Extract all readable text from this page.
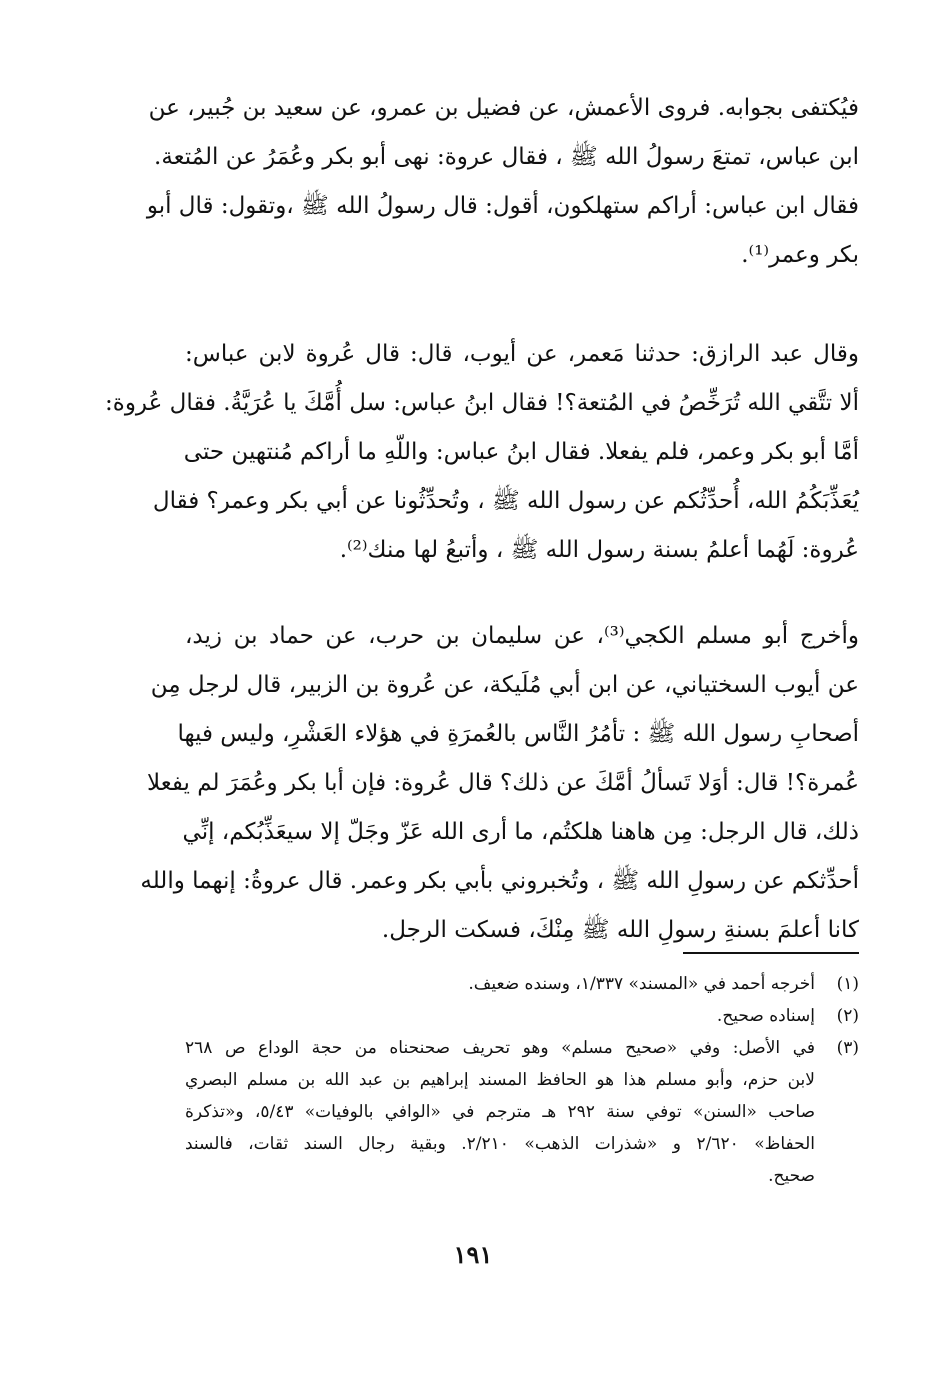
فيُكتفى بجوابه. فروى الأعمش، عن فضيل بن عمرو، عن سعيد بن جُبير، عن
ابن عباس، تمتعَ رسولُ الله ﷺ ، فقال عروة: نهى أبو بكر وعُمَرُ عن المُتعة.
فقال ابن عباس: أراكم ستهلكون، أقول: قال رسولُ الله ﷺ ،وتقول: قال أبو
بكر وعمر⁽¹⁾.
وقال عبد الرازق: حدثنا مَعمر، عن أيوب، قال: قال عُروة لابن عباس:
ألا تتَّقي الله تُرَخِّصُ في المُتعة؟! فقال ابنُ عباس: سل أُمَّكَ يا عُرَيَّةُ. فقال عُروة:
أمَّا أبو بكر وعمر، فلم يفعلا. فقال ابنُ عباس: واللّهِ ما أراكم مُنتهين حتى
يُعَذِّبَكُمُ الله، أُحدِّثُكم عن رسول الله ﷺ ، وتُحدِّثُونا عن أبي بكر وعمر؟ فقال
عُروة: لَهُما أعلمُ بسنة رسول الله ﷺ ، وأتبعُ لها منك⁽²⁾.
وأخرج أبو مسلم الكجي⁽³⁾، عن سليمان بن حرب، عن حماد بن زيد،
عن أيوب السختياني، عن ابن أبي مُلَيكة، عن عُروة بن الزبير، قال لرجل مِن
أصحابِ رسول الله ﷺ : تأمُرُ النَّاس بالعُمرَةِ في هؤلاء العَشْرِ، وليس فيها
عُمرة؟! قال: أوَلا تَسألُ أمَّكَ عن ذلك؟ قال عُروة: فإن أبا بكر وعُمَرَ لم يفعلا
ذلك، قال الرجل: مِن هاهنا هلكتُم، ما أرى الله عَزّ وجَلّ إلا سيعَذِّبُكم، إنِّي
أحدِّثكم عن رسولِ الله ﷺ ، وتُخبروني بأبي بكر وعمر. قال عروةُ: إنهما والله
كانا أعلمَ بسنةِ رسولِ الله ﷺ مِنْكَ، فسكت الرجل.
(١)
أخرجه أحمد في «المسند» ١/٣٣٧، وسنده ضعيف.
(٢)
إسناده صحيح.
(٣)
في الأصل: وفي «صحيح مسلم» وهو تحريف صحنحناه من حجة الوداع ص ٢٦٨
لابن حزم، وأبو مسلم هذا هو الحافظ المسند إبراهيم بن عبد الله بن مسلم البصري
صاحب «السنن» توفي سنة ٢٩٢ هـ مترجم في «الوافي بالوفيات» ٥/٤٣، و«تذكرة
الحفاظ» ٢/٦٢٠ و «شذرات الذهب» ٢/٢١٠. وبقية رجال السند ثقات، فالسند
صحيح.
١٩١
